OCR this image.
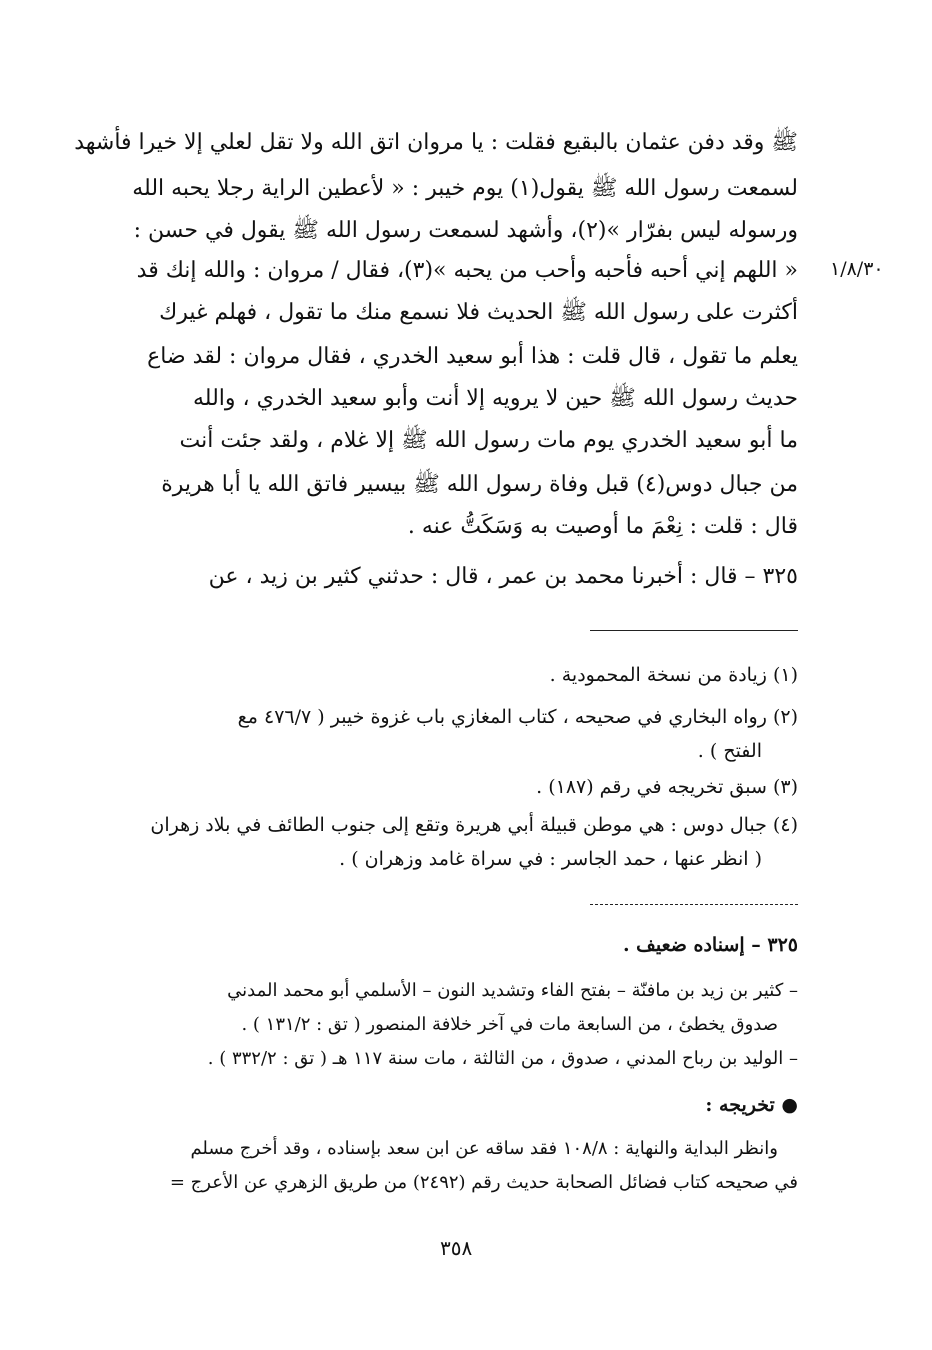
١/٨/٣٠
ﷺ وقد دفن عثمان بالبقيع فقلت : يا مروان اتق الله ولا تقل لعلي إلا خيرا فأشهد
لسمعت رسول الله ﷺ يقول(١) يوم خيبر : « لأعطين الراية رجلا يحبه الله
ورسوله ليس بفرّار »(٢)، وأشهد لسمعت رسول الله ﷺ يقول في حسن :
« اللهم إني أحبه فأحبه وأحب من يحبه »(٣)، فقال / مروان : والله إنك قد
أكثرت على رسول الله ﷺ الحديث فلا نسمع منك ما تقول ، فهلم غيرك
يعلم ما تقول ، قال قلت : هذا أبو سعيد الخدري ، فقال مروان : لقد ضاع
حديث رسول الله ﷺ حين لا يرويه إلا أنت وأبو سعيد الخدري ، والله
ما أبو سعيد الخدري يوم مات رسول الله ﷺ إلا غلام ، ولقد جئت أنت
من جبال دوس(٤) قبل وفاة رسول الله ﷺ بيسير فاتق الله يا أبا هريرة
قال : قلت : نِعْمَ ما أوصيت به وَسَكَتُّ عنه .
٣٢٥ – قال : أخبرنا محمد بن عمر ، قال : حدثني كثير بن زيد ، عن
(١) زيادة من نسخة المحمودية .
(٢) رواه البخاري في صحيحه ، كتاب المغازي باب غزوة خيبر ( ٤٧٦/٧ مع
الفتح ) .
(٣) سبق تخريجه في رقم (١٨٧) .
(٤) جبال دوس : هي موطن قبيلة أبي هريرة وتقع إلى جنوب الطائف في بلاد زهران
( انظر عنها ، حمد الجاسر : في سراة غامد وزهران ) .
٣٢٥ – إسناده ضعيف .
– كثير بن زيد بن مافنّة – بفتح الفاء وتشديد النون – الأسلمي أبو محمد المدني
صدوق يخطئ ، من السابعة مات في آخر خلافة المنصور ( تق : ١٣١/٢ ) .
– الوليد بن رباح المدني ، صدوق ، من الثالثة ، مات سنة ١١٧ هـ ( تق : ٣٣٢/٢ ) .
● تخريجه :
وانظر البداية والنهاية : ١٠٨/٨ فقد ساقه عن ابن سعد بإسناده ، وقد أخرج مسلم
في صحيحه كتاب فضائل الصحابة حديث رقم (٢٤٩٢) من طريق الزهري عن الأعرج =
٣٥٨
